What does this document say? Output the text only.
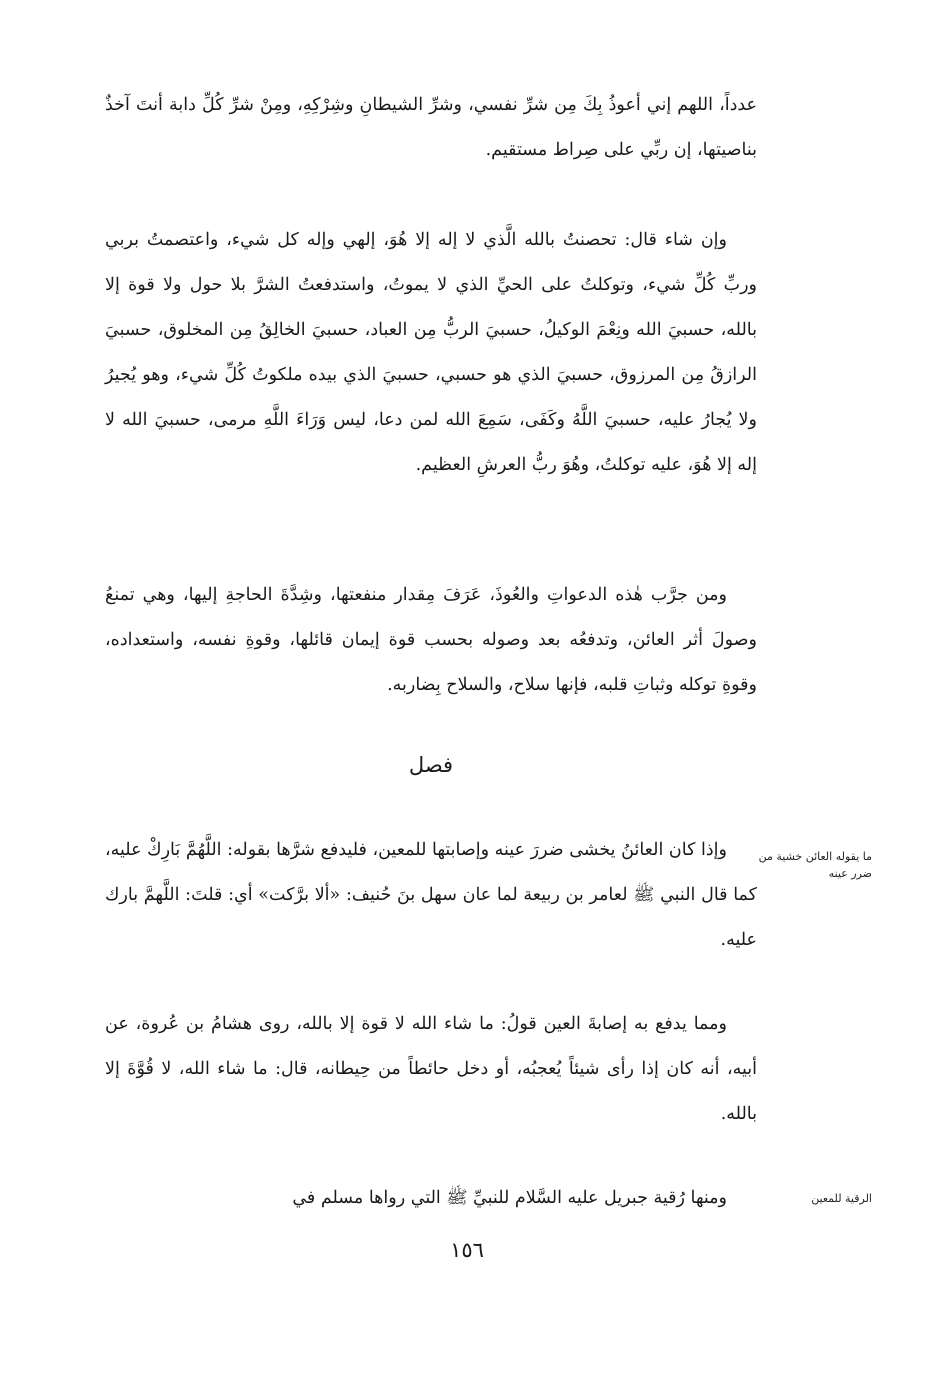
عدداً، اللهم إني أعوذُ بِكَ مِن شرِّ نفسي، وشرِّ الشيطانِ وشِرْكِهِ، ومِنْ شرِّ كُلِّ دابة أنتَ آخذٌ بناصيتها، إن ربِّي على صِراط مستقيم.

وإن شاء قال: تحصنتُ بالله الَّذي لا إله إلا هُوَ، إلهي وإله كل شيء، واعتصمتُ بربي وربِّ كُلِّ شيء، وتوكلتُ على الحيِّ الذي لا يموتُ، واستدفعتُ الشرَّ بلا حول ولا قوة إلا بالله، حسبيَ الله ونِعْمَ الوكيلُ، حسبيَ الربُّ مِن العباد، حسبيَ الخالِقُ مِن المخلوق، حسبيَ الرازقُ مِن المرزوق، حسبيَ الذي هو حسبي، حسبيَ الذي بيده ملكوتُ كُلِّ شيء، وهو يُجيرُ ولا يُجارُ عليه، حسبيَ اللَّهُ وكَفَى، سَمِعَ الله لمن دعا، ليس وَرَاءَ اللَّهِ مرمى، حسبيَ الله لا إله إلا هُوَ، عليه توكلتُ، وهُوَ ربُّ العرشِ العظيم.

ومن جرَّب هٰذه الدعواتِ والعُوذَ، عَرَفَ مِقدار منفعتها، وشِدَّةَ الحاجةِ إليها، وهي تمنعُ وصولَ أثر العائن، وتدفعُه بعد وصوله بحسب قوة إيمان قائلها، وقوةِ نفسه، واستعداده، وقوةِ توكله وثباتِ قلبه، فإنها سلاح، والسلاح بِضاربه.

فصل

وإذا كان العائنُ يخشى ضررَ عينه وإصابتها للمعين، فليدفع شرَّها بقوله: اللَّهُمَّ بَارِكْ عليه، كما قال النبي ﷺ لعامر بن ربيعة لما عان سهل بنَ حُنيف: «ألا برَّكت» أي: قلتَ: اللَّهمَّ بارك عليه.

ما يقوله العائن خشية من ضرر عينه

ومما يدفع به إصابةَ العين قولُ: ما شاء الله لا قوة إلا بالله، روى هشامُ بن عُروة، عن أبيه، أنه كان إذا رأى شيئاً يُعجبُه، أو دخل حائطاً من حِيطانه، قال: ما شاء الله، لا قُوَّةَ إلا بالله.

ومنها رُقية جبريل عليه السَّلام للنبيِّ ﷺ التي رواها مسلم في	الرقية للمعين
١٥٦
